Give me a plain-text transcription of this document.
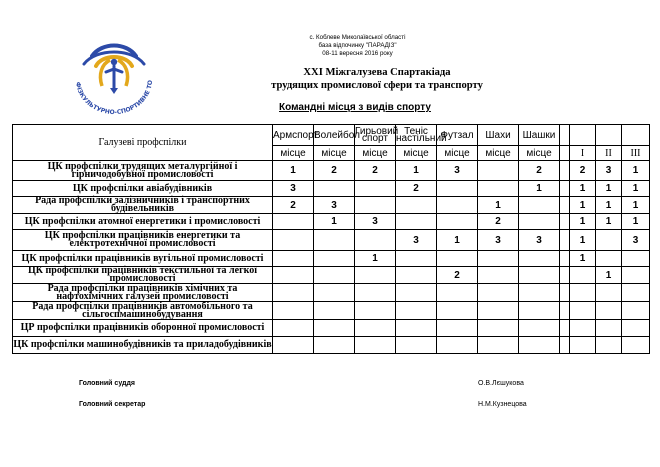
ФІЗКУЛЬТУРНО-СПОРТИВНЕ ТО
с. Коблеве Миколаївської області
база відпочинку "ПАРАДІЗ"
08-11 вересня 2016 року
XXI Міжгалузева Спартакіада
трудящих промислової сфери та транспорту
Командні місця з видів спорту
Галузеві профспілки	Армспорт	Волейбол	Гирьовий спорт	Теніс настільний	Футзал	Шахи	Шашки				
	місце	місце	місце	місце	місце	місце	місце		I	II	III
ЦК профспілки трудящих металургійної і гірничодобувної промисловості	1	2	2	1	3		2		2	3	1
ЦК профспілки авіабудівників	3			2			1		1	1	1
Рада профспілки залізничників і транспортних будівельників	2	3				1			1	1	1
ЦК профспілки атомної енергетики і промисловості		1	3			2			1	1	1
ЦК профспілки працівників енергетики та електротехнічної промисловості				3	1	3	3		1		3
ЦК профспілки працівників вугільної промисловості			1						1		
ЦК профспілки працівників текстильної та легкої промисловості					2					1	
Рада профспілки працівників хімічних та нафтохімічних галузей промисловості											
Рада профспілки працівників автомобільного та сільгоспмашинобудування											
ЦР профспілки працівників оборонної промисловості											
ЦК профспілки машинобудівників та приладобудівників											
Головний суддя	О.В.Лєшукова
Головний секретар	Н.М.Кузнецова
